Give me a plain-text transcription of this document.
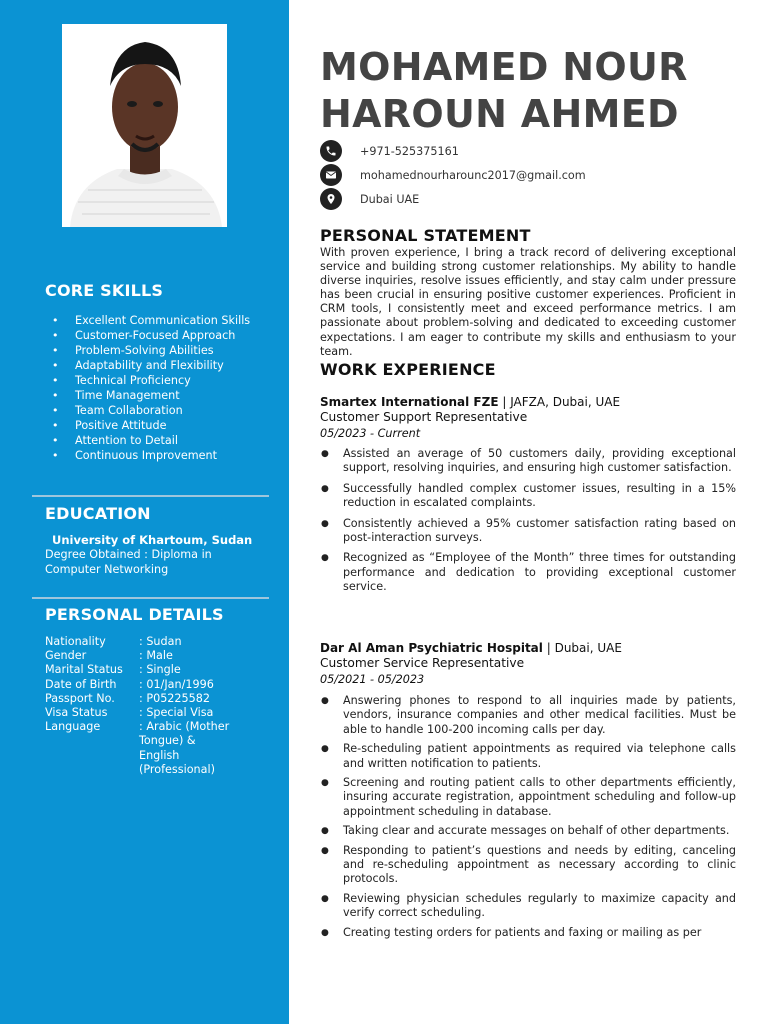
CORE SKILLS
• Excellent Communication Skills
• Customer-Focused Approach
• Problem-Solving Abilities
• Adaptability and Flexibility
• Technical Proficiency
• Time Management
• Team Collaboration
• Positive Attitude
• Attention to Detail
• Continuous Improvement
EDUCATION
University of Khartoum, Sudan
Degree Obtained : Diploma in Computer Networking
PERSONAL DETAILS
Nationality	: Sudan
Gender	: Male
Marital Status	: Single
Date of Birth	: 01/Jan/1996
Passport No.	: P05225582
Visa Status	: Special Visa
Language	: Arabic (Mother Tongue) & English (Professional)
MOHAMED NOUR
HAROUN AHMED
+971-525375161
mohamednourharounc2017@gmail.com
Dubai UAE
PERSONAL STATEMENT
With proven experience, I bring a track record of delivering exceptional service and building strong customer relationships. My ability to handle diverse inquiries, resolve issues efficiently, and stay calm under pressure has been crucial in ensuring positive customer experiences. Proficient in CRM tools, I consistently meet and exceed performance metrics. I am passionate about problem-solving and dedicated to exceeding customer expectations. I am eager to contribute my skills and enthusiasm to your team.
WORK EXPERIENCE
Smartex International FZE | JAFZA, Dubai, UAE
Customer Support Representative
05/2023 - Current
● Assisted an average of 50 customers daily, providing exceptional support, resolving inquiries, and ensuring high customer satisfaction.
● Successfully handled complex customer issues, resulting in a 15% reduction in escalated complaints.
● Consistently achieved a 95% customer satisfaction rating based on post-interaction surveys.
● Recognized as “Employee of the Month” three times for outstanding performance and dedication to providing exceptional customer service.
Dar Al Aman Psychiatric Hospital | Dubai, UAE
Customer Service Representative
05/2021 - 05/2023
● Answering phones to respond to all inquiries made by patients, vendors, insurance companies and other medical facilities. Must be able to handle 100-200 incoming calls per day.
● Re-scheduling patient appointments as required via telephone calls and written notification to patients.
● Screening and routing patient calls to other departments efficiently, insuring accurate registration, appointment scheduling and follow-up appointment scheduling in database.
● Taking clear and accurate messages on behalf of other departments.
● Responding to patient’s questions and needs by editing, canceling and re-scheduling appointment as necessary according to clinic protocols.
● Reviewing physician schedules regularly to maximize capacity and verify correct scheduling.
● Creating testing orders for patients and faxing or mailing as per
